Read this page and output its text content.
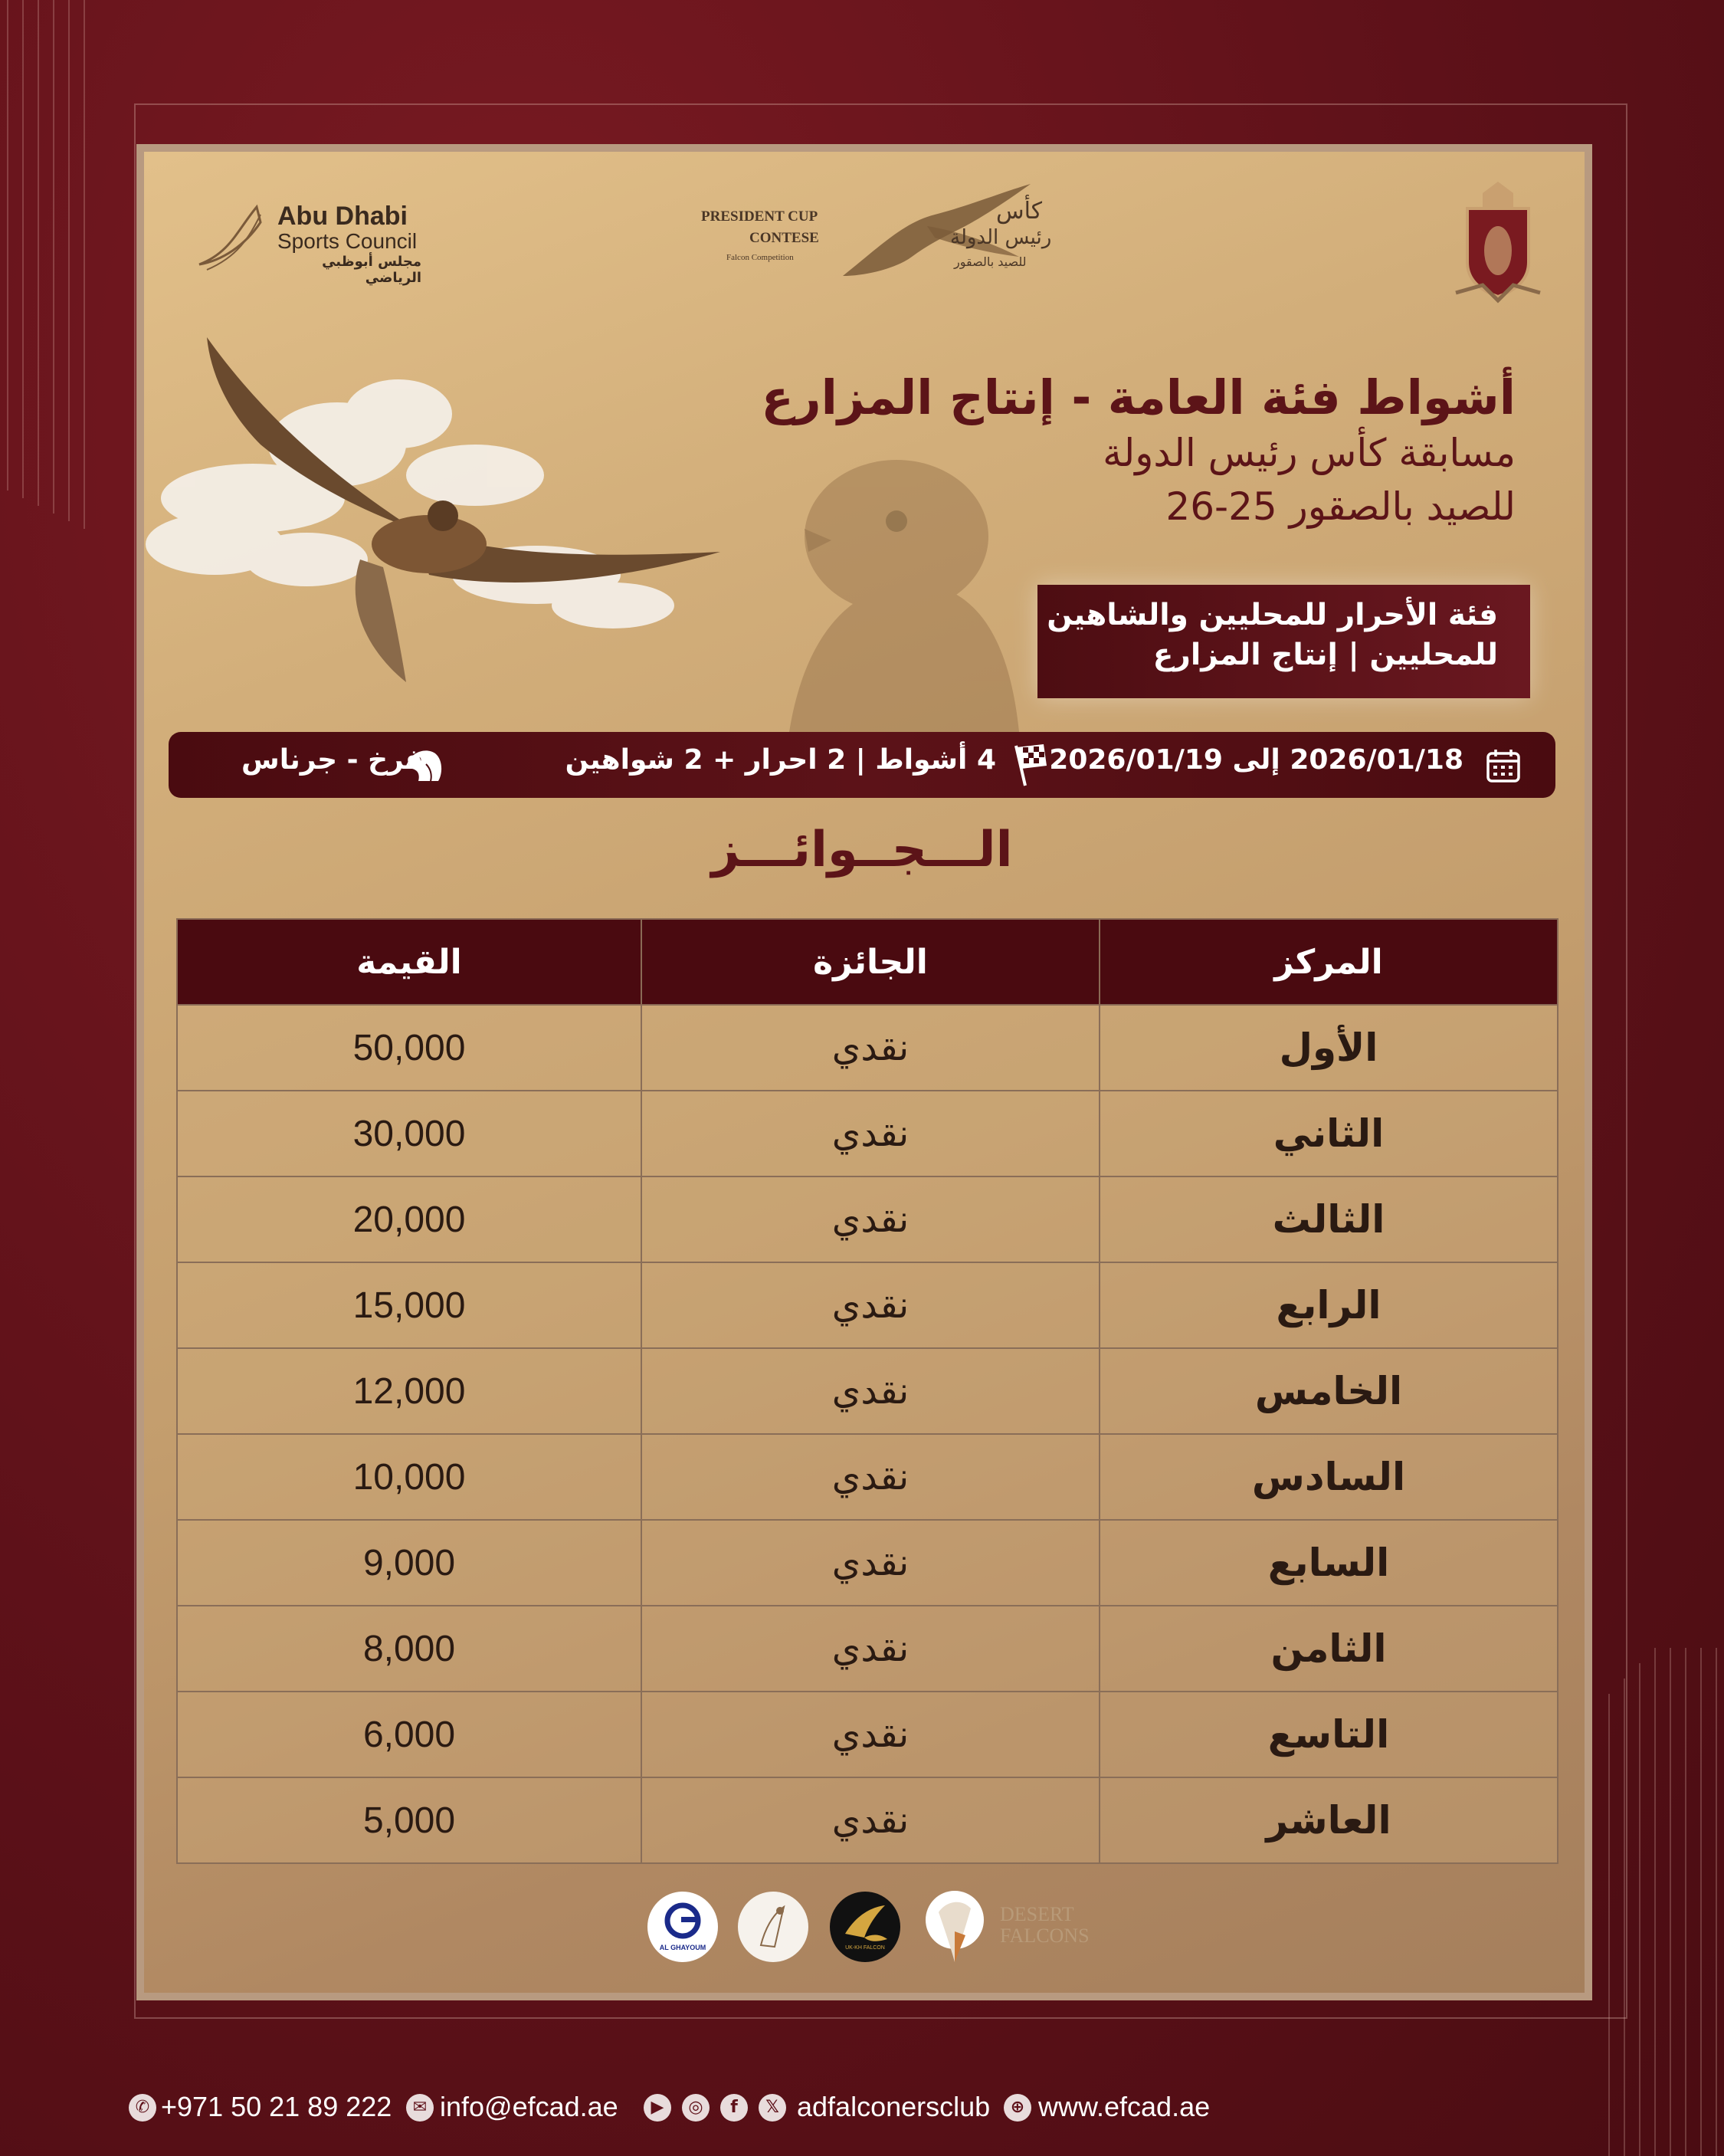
Abu Dhabi
Sports Council
مجلس أبوظبي الرياضي
PRESIDENT CUP
CONTESE
Falcon Competition
كأس
رئيس الدولة
للصيد بالصقور
أشواط فئة العامة - إنتاج المزارع
مسابقة كأس رئيس الدولة
للصيد بالصقور 25-26
فئة الأحرار للمحليين والشاهين
للمحليين | إنتاج المزارع
2026/01/18 إلى 2026/01/19
4 أشواط | 2 احرار + 2 شواهين
فرخ - جرناس
الـــجــوائـــز
المركز	الجائزة	القيمة
الأول	نقدي	50,000
الثاني	نقدي	30,000
الثالث	نقدي	20,000
الرابع	نقدي	15,000
الخامس	نقدي	12,000
السادس	نقدي	10,000
السابع	نقدي	9,000
الثامن	نقدي	8,000
التاسع	نقدي	6,000
العاشر	نقدي	5,000
AL GHAYOUM	UK-KH FALCON
DESERT
FALCONS
✆ +971 50 21 89 222	✉ info@efcad.ae	▶	◎	f	𝕏 adfalconersclub	⊕ www.efcad.ae
